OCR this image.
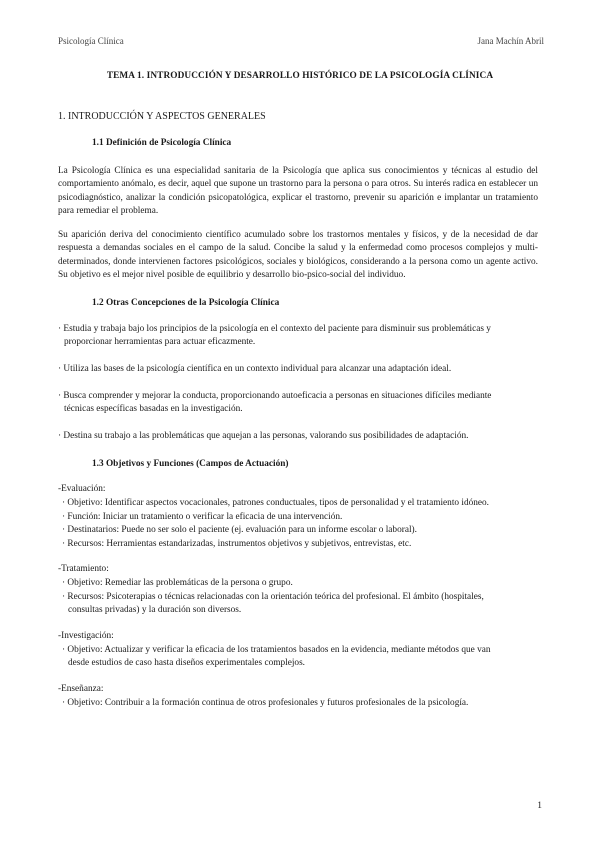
Psicología Clínica	Jana Machín Abril
TEMA 1. INTRODUCCIÓN Y DESARROLLO HISTÓRICO DE LA PSICOLOGÍA CLÍNICA
1. INTRODUCCIÓN Y ASPECTOS GENERALES
1.1 Definición de Psicología Clínica

La Psicología Clínica es una especialidad sanitaria de la Psicología que aplica sus conocimientos y técnicas al estudio del comportamiento anómalo, es decir, aquel que supone un trastorno para la persona o para otros. Su interés radica en establecer un psicodiagnóstico, analizar la condición psicopatológica, explicar el trastorno, prevenir su aparición e implantar un tratamiento para remediar el problema.

Su aparición deriva del conocimiento científico acumulado sobre los trastornos mentales y físicos, y de la necesidad de dar respuesta a demandas sociales en el campo de la salud. Concibe la salud y la enfermedad como procesos complejos y multi-determinados, donde intervienen factores psicológicos, sociales y biológicos, considerando a la persona como un agente activo. Su objetivo es el mejor nivel posible de equilibrio y desarrollo bio-psico-social del individuo.

1.2 Otras Concepciones de la Psicología Clínica
· Estudia y trabaja bajo los principios de la psicología en el contexto del paciente para disminuir sus problemáticas y
proporcionar herramientas para actuar eficazmente.
· Utiliza las bases de la psicología científica en un contexto individual para alcanzar una adaptación ideal.
· Busca comprender y mejorar la conducta, proporcionando autoeficacia a personas en situaciones difíciles mediante
técnicas específicas basadas en la investigación.
· Destina su trabajo a las problemáticas que aquejan a las personas, valorando sus posibilidades de adaptación.
1.3 Objetivos y Funciones (Campos de Actuación)
-Evaluación:
· Objetivo: Identificar aspectos vocacionales, patrones conductuales, tipos de personalidad y el tratamiento idóneo.
· Función: Iniciar un tratamiento o verificar la eficacia de una intervención.
· Destinatarios: Puede no ser solo el paciente (ej. evaluación para un informe escolar o laboral).
· Recursos: Herramientas estandarizadas, instrumentos objetivos y subjetivos, entrevistas, etc.
-Tratamiento:
· Objetivo: Remediar las problemáticas de la persona o grupo.
· Recursos: Psicoterapias o técnicas relacionadas con la orientación teórica del profesional. El ámbito (hospitales,
consultas privadas) y la duración son diversos.
-Investigación:
· Objetivo: Actualizar y verificar la eficacia de los tratamientos basados en la evidencia, mediante métodos que van
desde estudios de caso hasta diseños experimentales complejos.
-Enseñanza:
· Objetivo: Contribuir a la formación continua de otros profesionales y futuros profesionales de la psicología.
1
